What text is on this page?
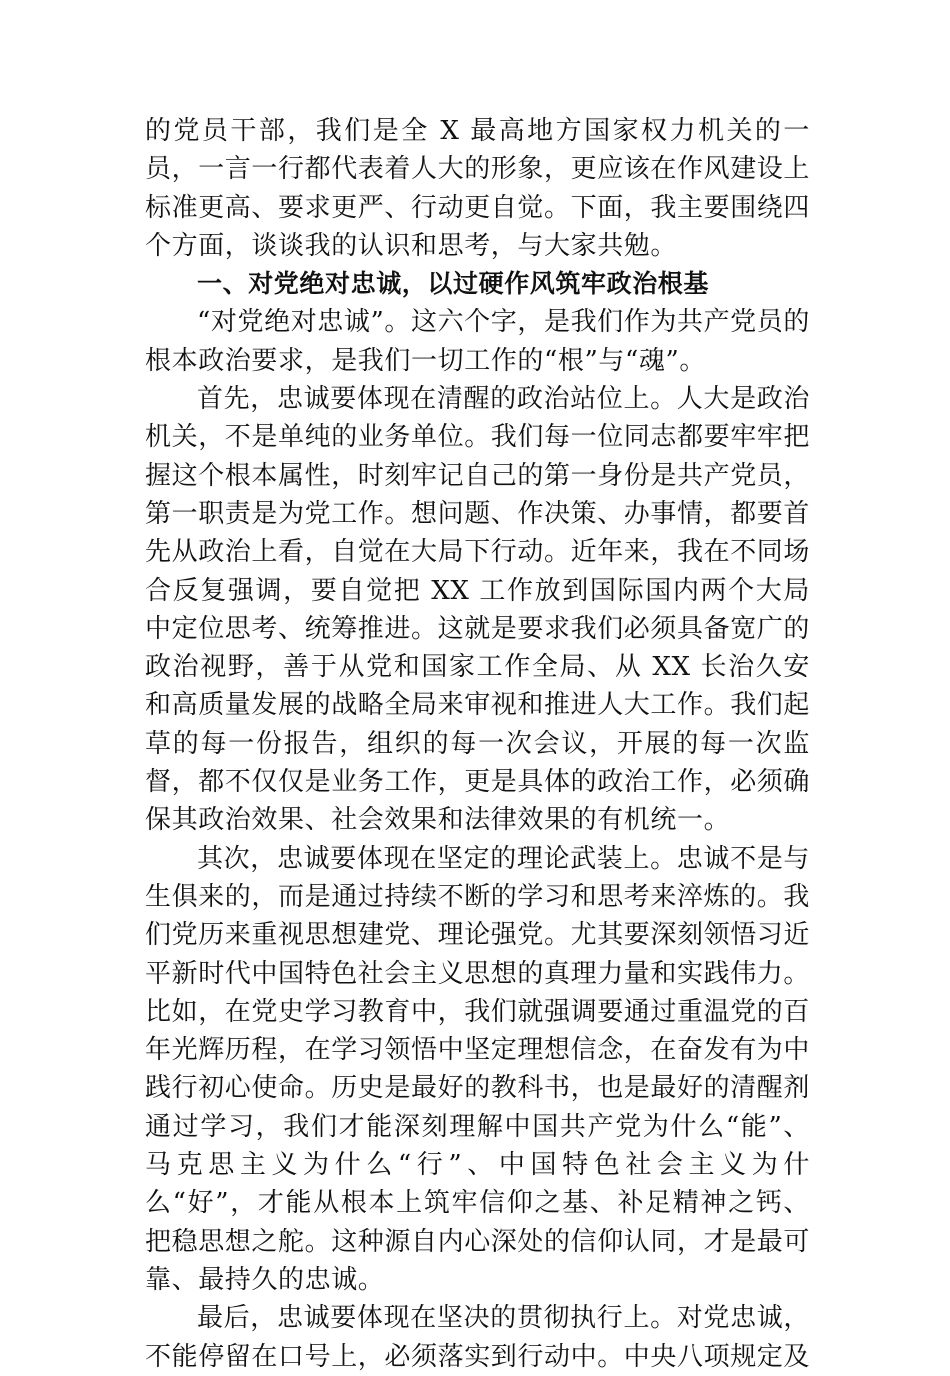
的党员干部，我们是全 X 最高地方国家权力机关的一员，一言一行都代表着人大的形象，更应该在作风建设上标准更高、要求更严、行动更自觉。下面，我主要围绕四个方面，谈谈我的认识和思考，与大家共勉。

一、对党绝对忠诚，以过硬作风筑牢政治根基

“对党绝对忠诚”。这六个字，是我们作为共产党员的根本政治要求，是我们一切工作的“根”与“魂”。

首先，忠诚要体现在清醒的政治站位上。人大是政治机关，不是单纯的业务单位。我们每一位同志都要牢牢把握这个根本属性，时刻牢记自己的第一身份是共产党员，第一职责是为党工作。想问题、作决策、办事情，都要首先从政治上看，自觉在大局下行动。近年来，我在不同场合反复强调，要自觉把 XX 工作放到国际国内两个大局中定位思考、统筹推进。这就是要求我们必须具备宽广的政治视野，善于从党和国家工作全局、从 XX 长治久安和高质量发展的战略全局来审视和推进人大工作。我们起草的每一份报告，组织的每一次会议，开展的每一次监督，都不仅仅是业务工作，更是具体的政治工作，必须确保其政治效果、社会效果和法律效果的有机统一。

其次，忠诚要体现在坚定的理论武装上。忠诚不是与生俱来的，而是通过持续不断的学习和思考来淬炼的。我们党历来重视思想建党、理论强党。尤其要深刻领悟习近平新时代中国特色社会主义思想的真理力量和实践伟力。比如，在党史学习教育中，我们就强调要通过重温党的百年光辉历程，在学习领悟中坚定理想信念，在奋发有为中践行初心使命。历史是最好的教科书，也是最好的清醒剂通过学习，我们才能深刻理解中国共产党为什么“能”、马克思主义为什么“行”、中国特色社会主义为什么“好”，才能从根本上筑牢信仰之基、补足精神之钙、把稳思想之舵。这种源自内心深处的信仰认同，才是最可靠、最持久的忠诚。

最后，忠诚要体现在坚决的贯彻执行上。对党忠诚，不能停留在口号上，必须落实到行动中。中央八项规定及
